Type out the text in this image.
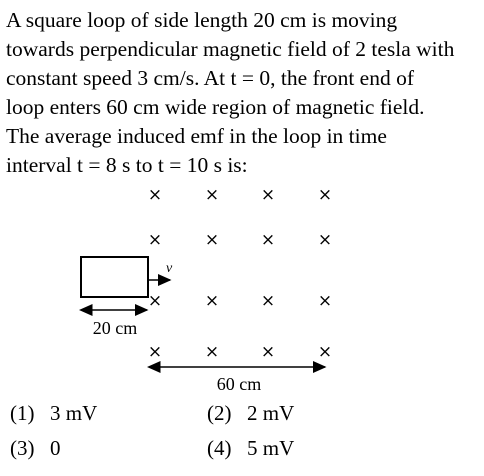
A square loop of side length 20 cm is moving
towards perpendicular magnetic field of 2 tesla with
constant speed 3 cm/s. At t = 0, the front end of
loop enters 60 cm wide region of magnetic field.
The average induced emf in the loop in time
interval t = 8 s to t = 10 s is:
×	× ×	×
×	× ×	×
×	× ×	×
×	× ×	×
v
20 cm
60 cm
(1) 3 mV	(2) 2 mV
(3) 0	(4) 5 mV
